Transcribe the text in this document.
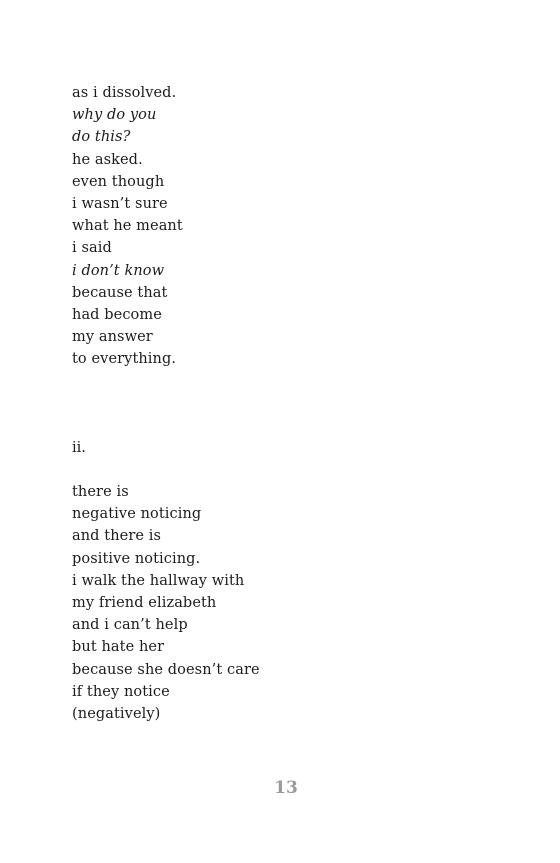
as i dissolved.
why do you
do this?
he asked.
even though
i wasn’t sure
what he meant
i said
i don’t know
because that
had become
my answer
to everything.
ii.
there is
negative noticing
and there is
positive noticing.
i walk the hallway with
my friend elizabeth
and i can’t help
but hate her
because she doesn’t care
if they notice
(negatively)
13
